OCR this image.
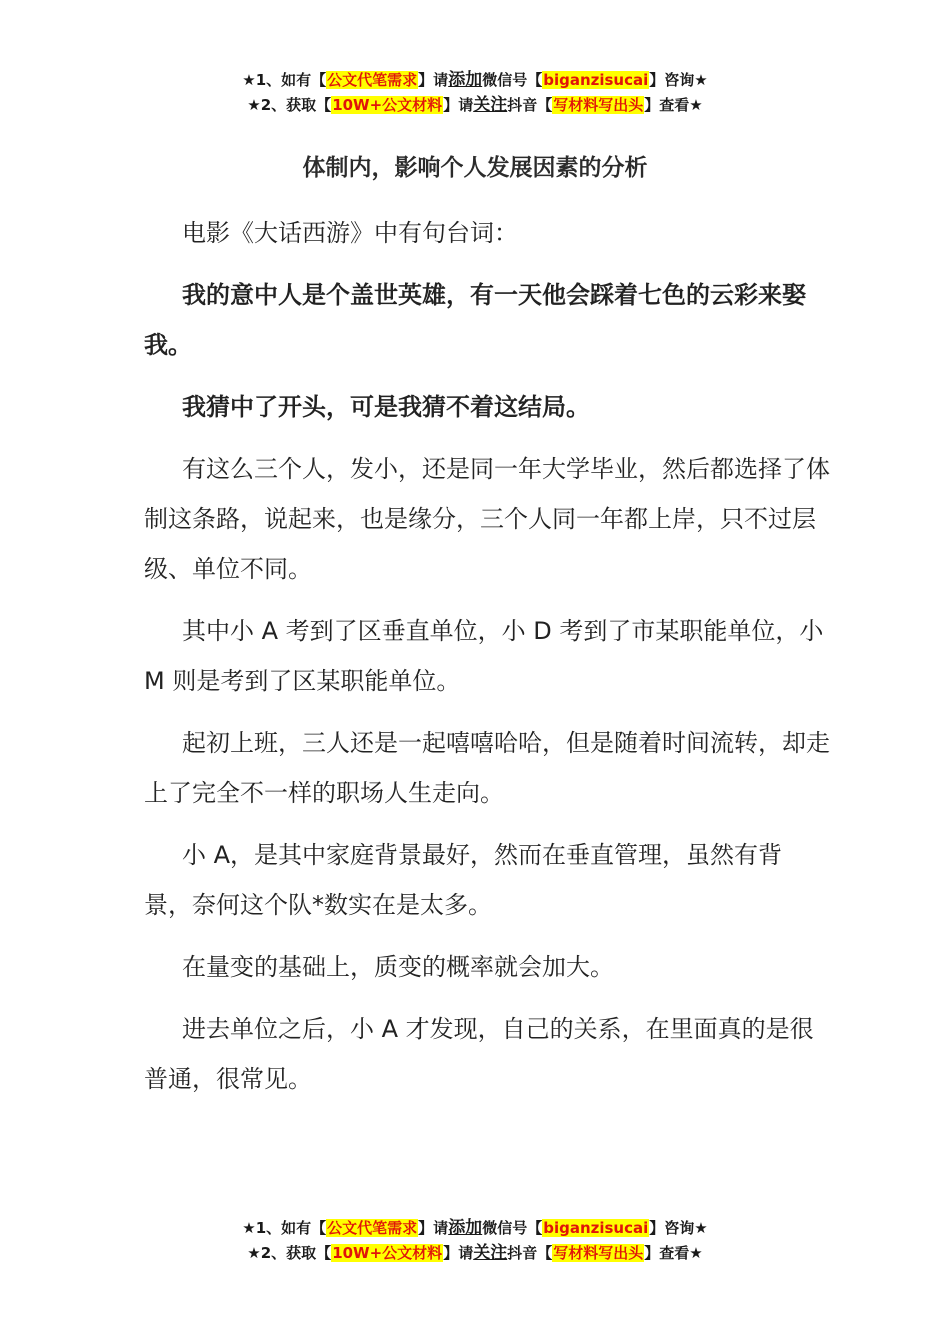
★1、如有【公文代笔需求】请添加微信号【biganzisucai】咨询★
★2、获取【10W+公文材料】请关注抖音【写材料写出头】查看★
体制内，影响个人发展因素的分析

电影《大话西游》中有句台词：

我的意中人是个盖世英雄，有一天他会踩着七色的云彩来娶我。

我猜中了开头，可是我猜不着这结局。

有这么三个人，发小，还是同一年大学毕业，然后都选择了体制这条路，说起来，也是缘分，三个人同一年都上岸，只不过层级、单位不同。

其中小 A 考到了区垂直单位，小 D 考到了市某职能单位，小 M 则是考到了区某职能单位。

起初上班，三人还是一起嘻嘻哈哈，但是随着时间流转，却走上了完全不一样的职场人生走向。

小 A，是其中家庭背景最好，然而在垂直管理，虽然有背景，奈何这个队*数实在是太多。

在量变的基础上，质变的概率就会加大。

进去单位之后，小 A 才发现，自己的关系，在里面真的是很普通，很常见。

★1、如有【公文代笔需求】请添加微信号【biganzisucai】咨询★
★2、获取【10W+公文材料】请关注抖音【写材料写出头】查看★
